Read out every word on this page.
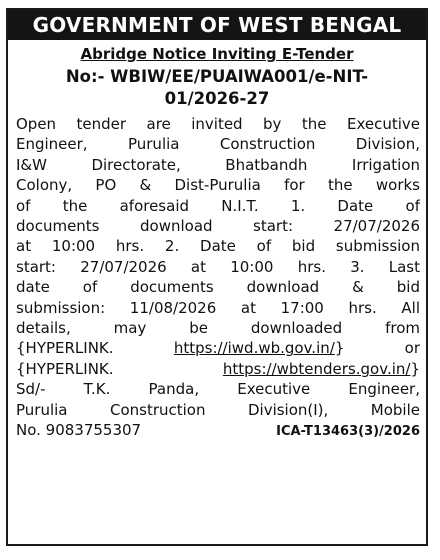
GOVERNMENT OF WEST BENGAL
Abridge Notice Inviting E-Tender
No:- WBIW/EE/PUAIWA001/e-NIT-
01/2026-27
Open tender are invited by the Executive
Engineer, Purulia Construction Division,
I&W Directorate, Bhatbandh Irrigation
Colony, PO & Dist-Purulia for the works
of the aforesaid N.I.T. 1. Date of
documents download start: 27/07/2026
at 10:00 hrs. 2. Date of bid submission
start: 27/07/2026 at 10:00 hrs. 3. Last
date of documents download & bid
submission: 11/08/2026 at 17:00 hrs. All
details, may be downloaded from
{HYPERLINK. https://iwd.wb.gov.in/} or
{HYPERLINK. https://wbtenders.gov.in/}
Sd/- T.K. Panda, Executive Engineer,
Purulia Construction Division(I), Mobile
No. 9083755307	ICA-T13463(3)/2026
